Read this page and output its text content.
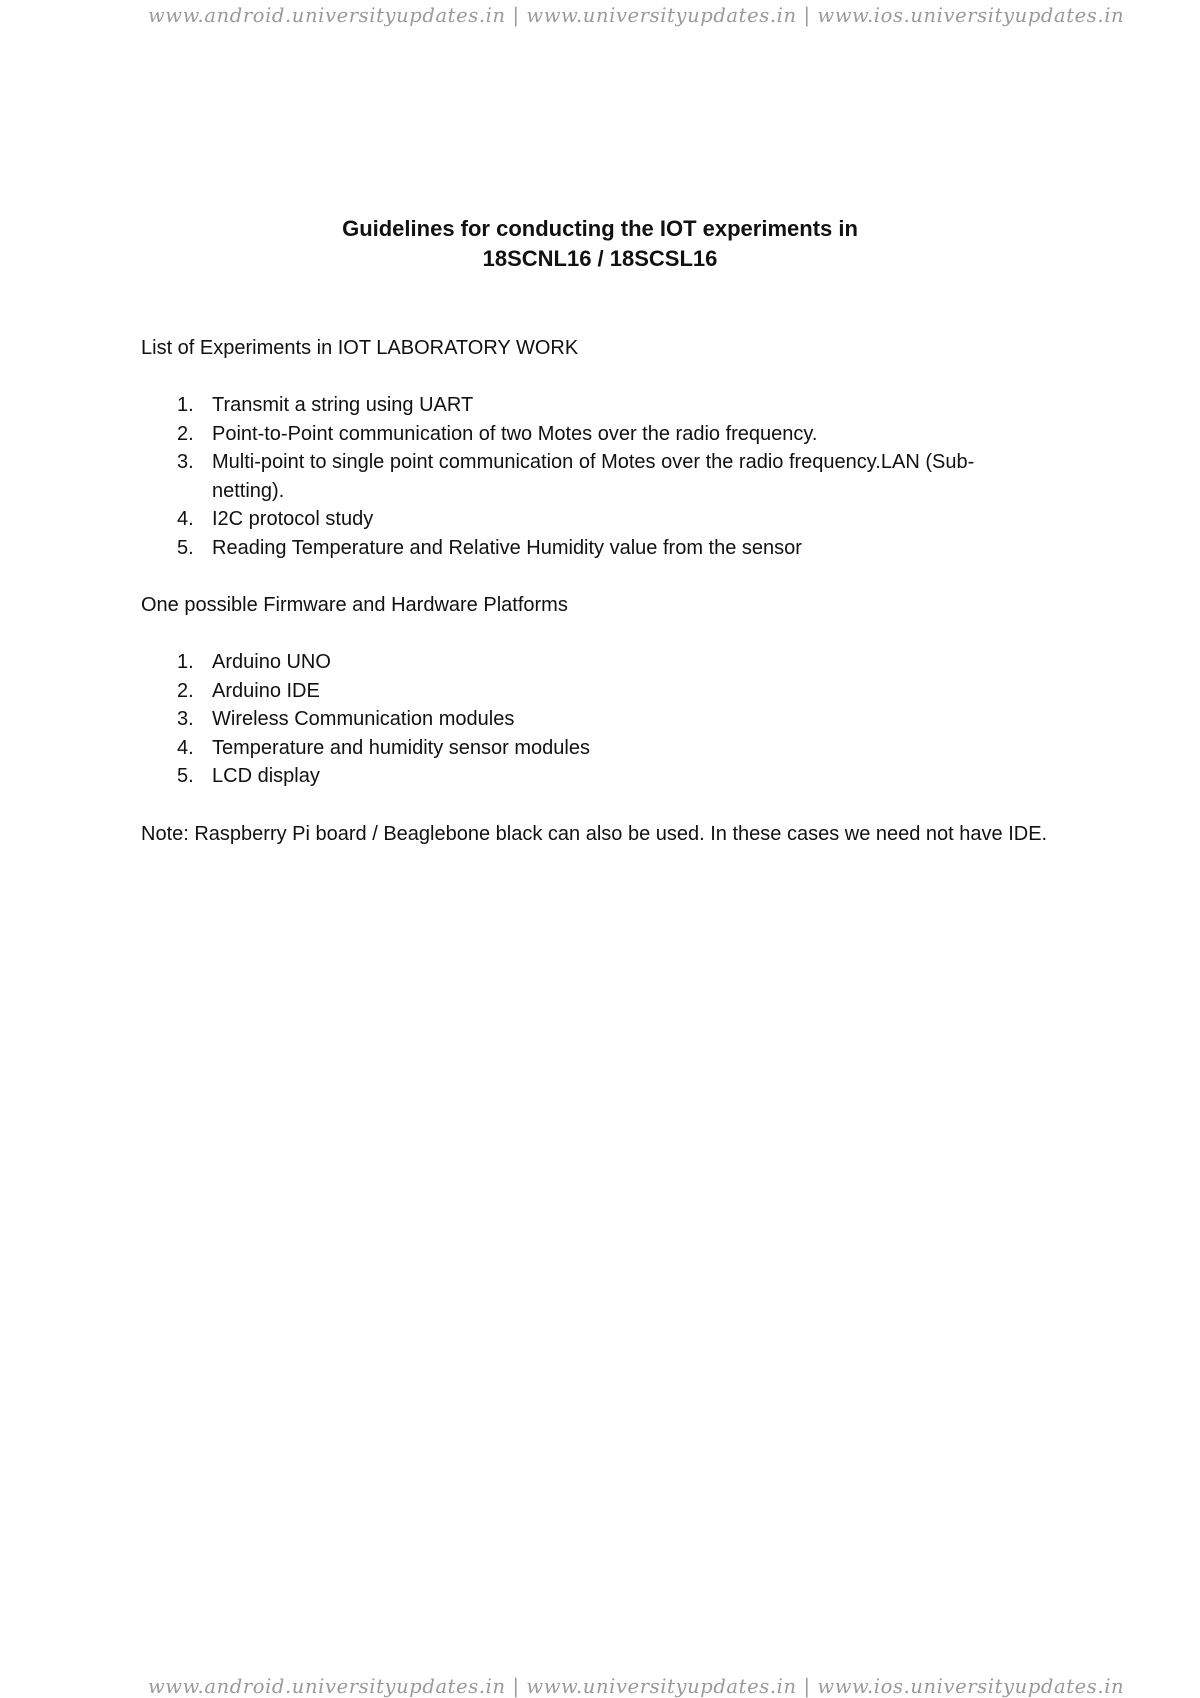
www.android.universityupdates.in | www.universityupdates.in | www.ios.universityupdates.in
Guidelines for conducting the IOT experiments in
18SCNL16 / 18SCSL16
List of Experiments in IOT LABORATORY WORK
1. Transmit a string using UART
2. Point-to-Point communication of two Motes over the radio frequency.
3. Multi-point to single point communication of Motes over the radio frequency.LAN (Sub-netting).
4. I2C protocol study
5. Reading Temperature and Relative Humidity value from the sensor
One possible Firmware and Hardware Platforms
1. Arduino UNO
2. Arduino IDE
3. Wireless Communication modules
4. Temperature and humidity sensor modules
5. LCD display
Note: Raspberry Pi board / Beaglebone black can also be used. In these cases we need not have IDE.
www.android.universityupdates.in | www.universityupdates.in | www.ios.universityupdates.in
